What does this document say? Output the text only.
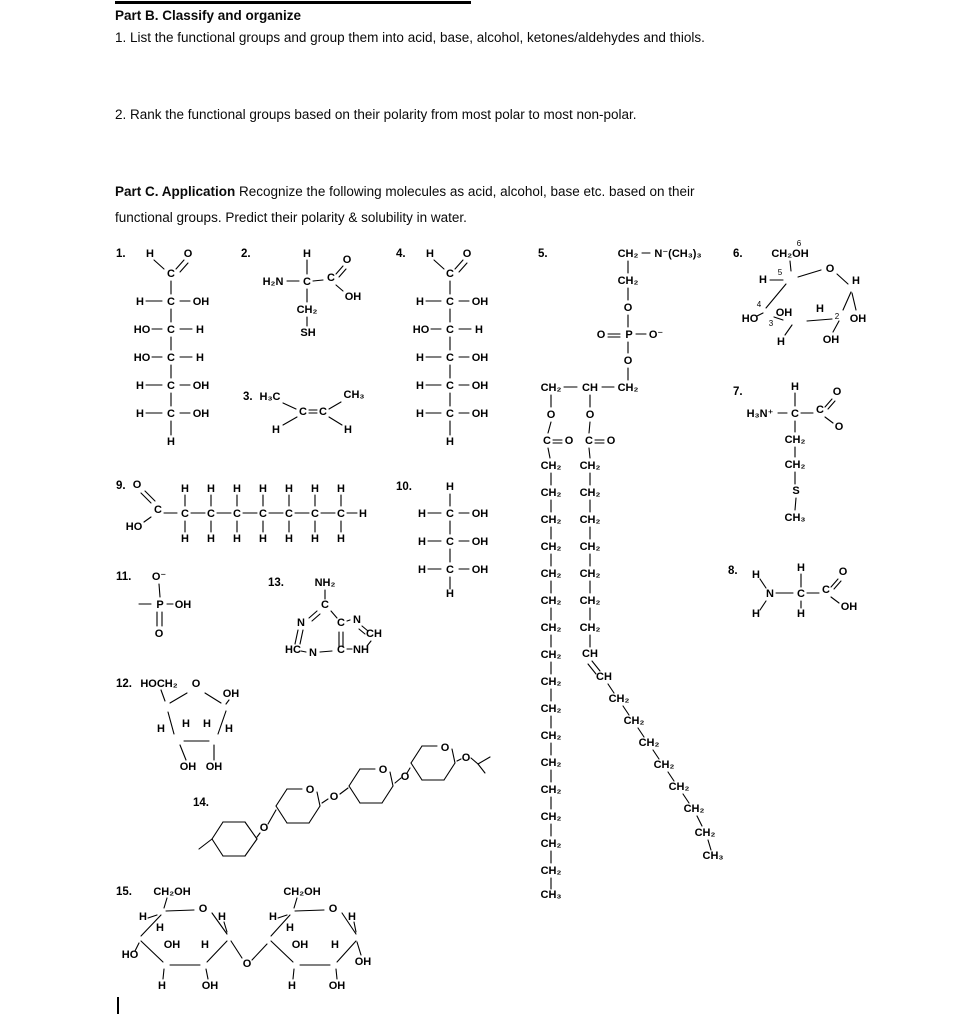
Part B. Classify and organize
1. List the functional groups and group them into acid, base, alcohol, ketones/aldehydes and thiols.
2. Rank the functional groups based on their polarity from most polar to most non-polar.
Part C. Application Recognize the following molecules as acid, alcohol, base etc. based on their
functional groups. Predict their polarity & solubility in water.
1. H	O
C
H C OH
HO C H
HO C H
H C OH
H C OH
H
2.	H
H₂N C C
O
OH
CH₂
SH
3. H₃C	CH₃
C C
H	H
4. H	O
C
H C OH
HO C H
H C OH
H C OH
H C OH
H
5.	CH₂ N⁻(CH₃)₃
CH₂
O
O P O⁻
O
CH₂ CH CH₂
O	O
C O C O
CH₂
CH₂
CH₂
CH₂
CH₂
CH₂
CH₂
CH₂
CH₂
CH₂
CH₂
CH₂
CH₂
CH₂
CH₂
CH₂
CH₃
CH₂
CH₂
CH₂
CH₂
CH₂
CH₂
CH₂
CH
CH
CH₂
CH₂
CH₂
CH₂
CH₂
CH₂
CH₂
CH₃
6.	CH₂OH
6
H
5	O
H
HO
4
OH
3
H
2 OH
H	OH
7.	H
H₃N⁺ C C
O
O
CH₂
CH₂
S
CH₃
8. H
H
N C C
O
OH
H	H
9. O
C
HO
H H H H H H H
C C C C C C C H
H H H H H H H
10.	H
H C OH
H C OH
H C OH
H
11. O⁻
P OH
O
12. HOCH₂ O
OH
H H H H
OH OH
13.	NH₂
C
N	C N
CH
HC N C NH
14.
O
O
O
O
O
O
O
15. CH₂OH
H
H
O
H
OH H
HO
H	OH
O
CH₂OH
H
H
O
H
OH H
OH
H	OH
